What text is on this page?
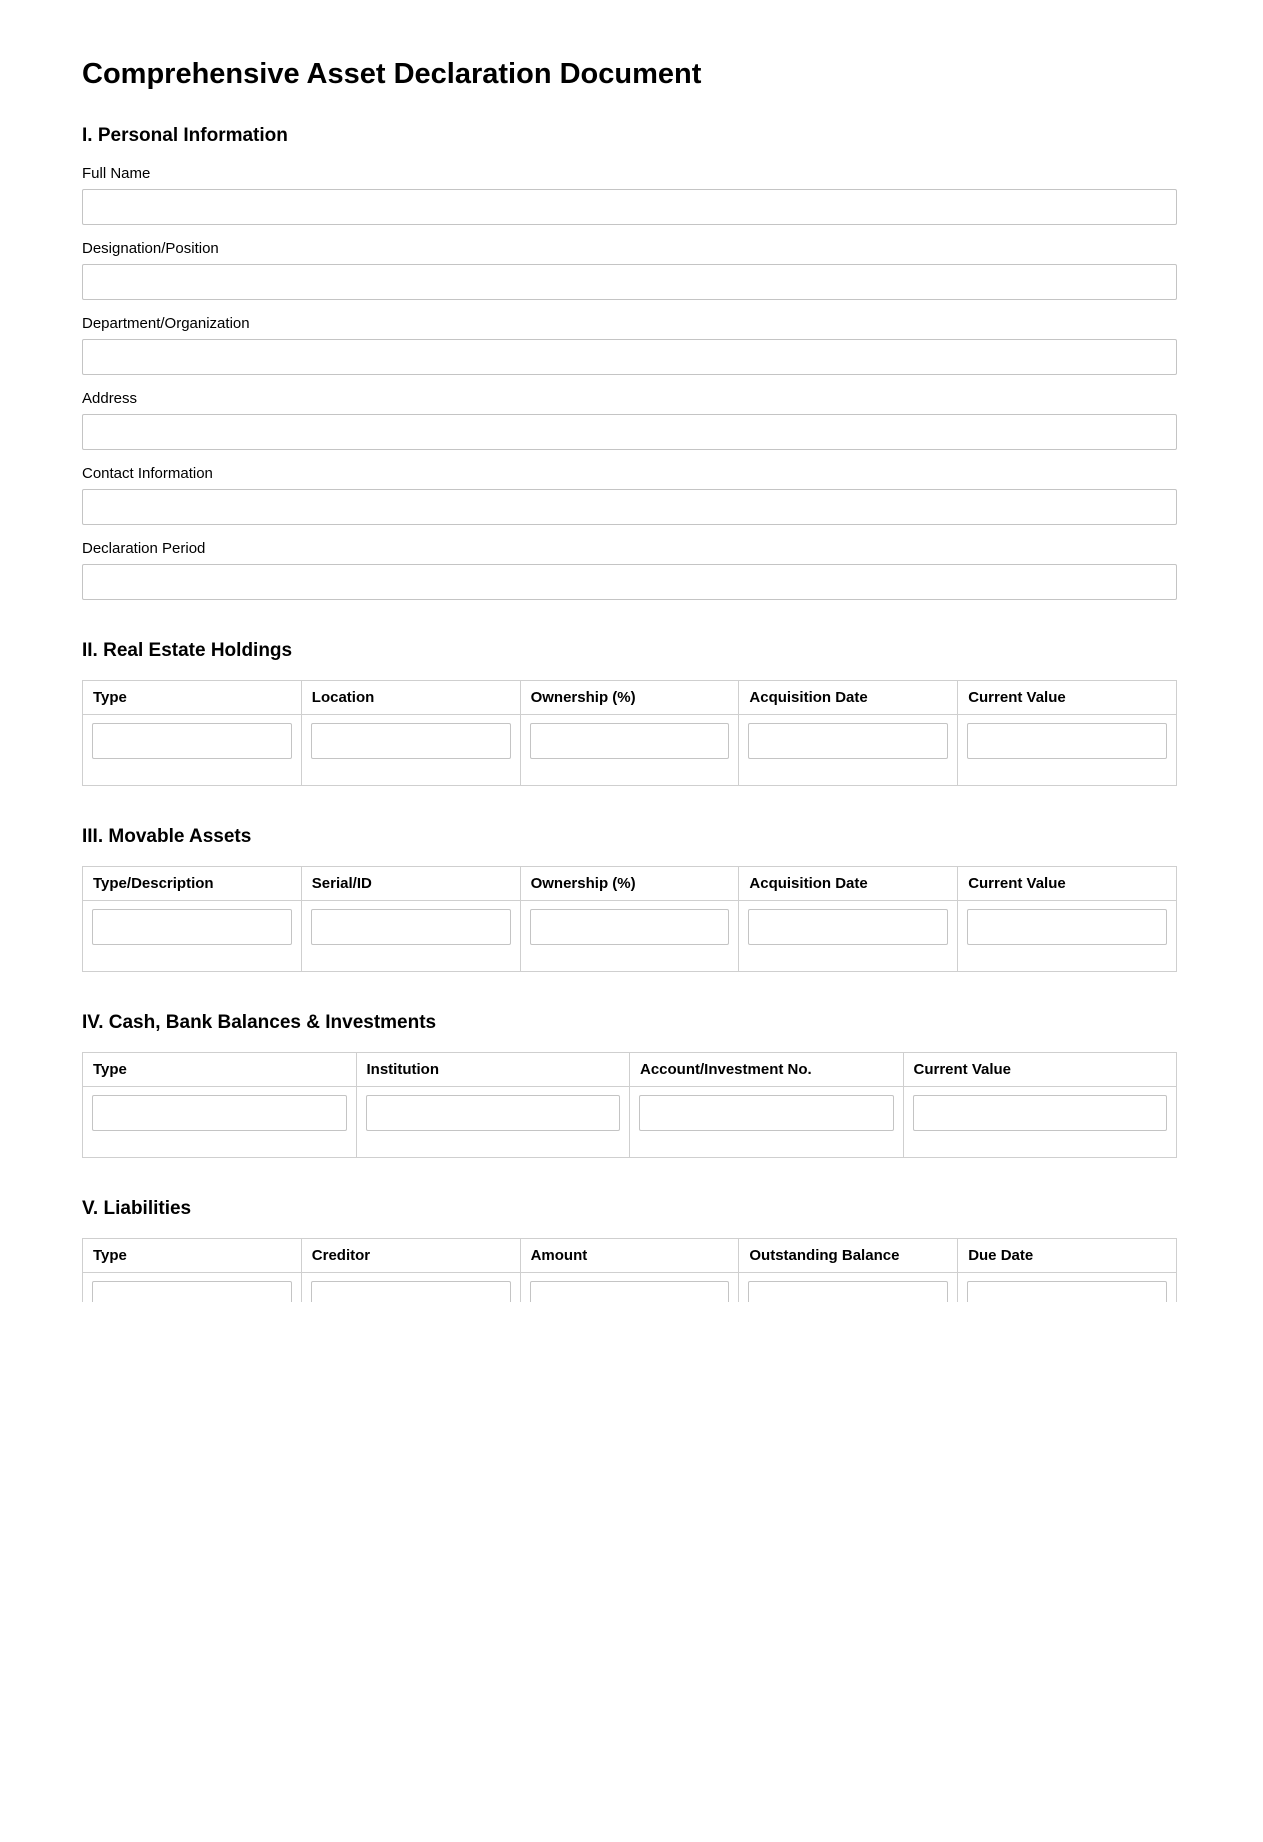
Comprehensive Asset Declaration Document
I. Personal Information
Full Name
Designation/Position
Department/Organization
Address
Contact Information
Declaration Period
II. Real Estate Holdings
Type	Location	Ownership (%)	Acquisition Date	Current Value

III. Movable Assets
Type/Description	Serial/ID	Ownership (%)	Acquisition Date	Current Value

IV. Cash, Bank Balances & Investments
Type	Institution	Account/Investment No.	Current Value

V. Liabilities
Type	Creditor	Amount	Outstanding Balance	Due Date
